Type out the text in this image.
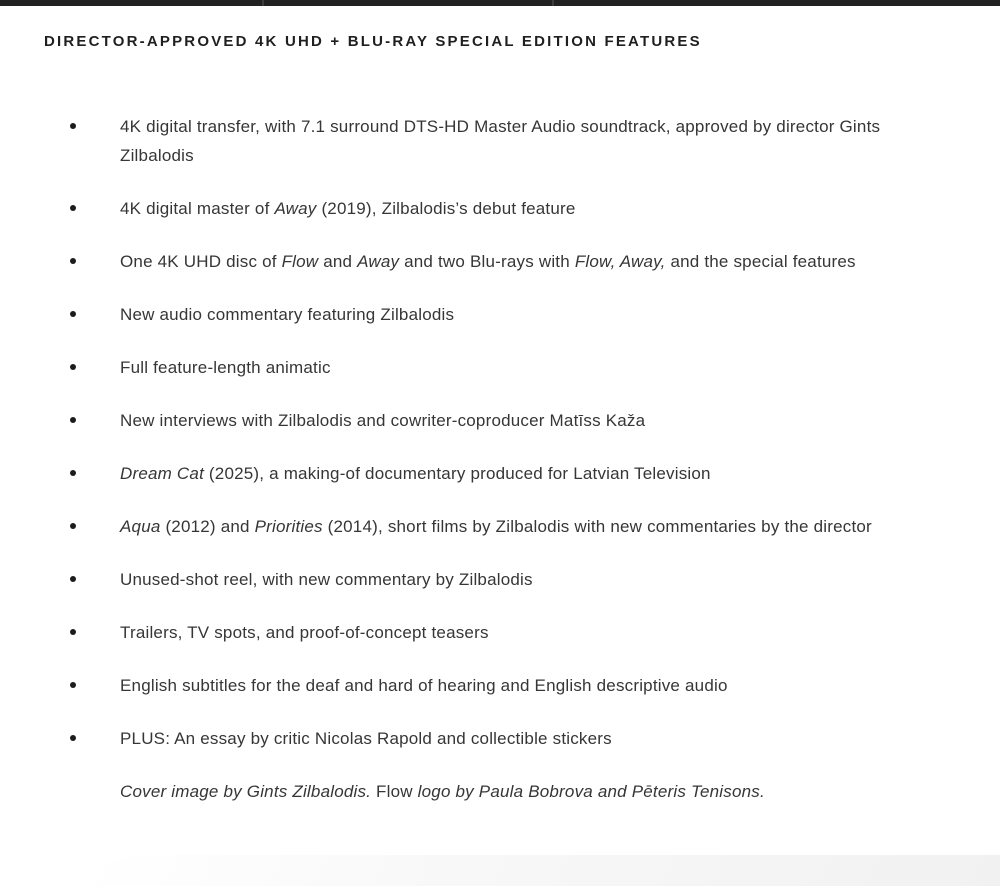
DIRECTOR-APPROVED 4K UHD + BLU-RAY SPECIAL EDITION FEATURES
4K digital transfer, with 7.1 surround DTS-HD Master Audio soundtrack, approved by director Gints Zilbalodis
4K digital master of Away (2019), Zilbalodis’s debut feature
One 4K UHD disc of Flow and Away and two Blu-rays with Flow, Away, and the special features
New audio commentary featuring Zilbalodis
Full feature-length animatic
New interviews with Zilbalodis and cowriter-coproducer Matīss Kaža
Dream Cat (2025), a making-of documentary produced for Latvian Television
Aqua (2012) and Priorities (2014), short films by Zilbalodis with new commentaries by the director
Unused-shot reel, with new commentary by Zilbalodis
Trailers, TV spots, and proof-of-concept teasers
English subtitles for the deaf and hard of hearing and English descriptive audio
PLUS: An essay by critic Nicolas Rapold and collectible stickers
Cover image by Gints Zilbalodis. Flow logo by Paula Bobrova and Pēteris Tenisons.
